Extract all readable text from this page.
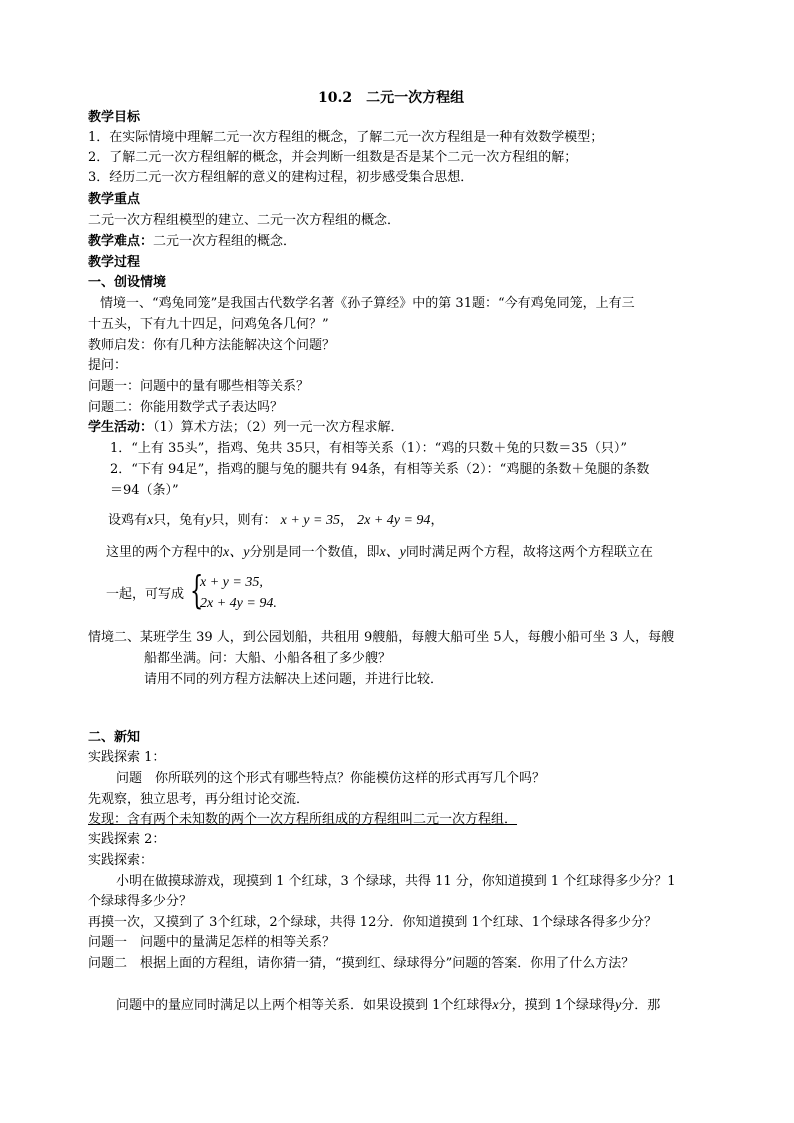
10.2　二元一次方程组
教学目标
1．在实际情境中理解二元一次方程组的概念，了解二元一次方程组是一种有效数学模型；
2．了解二元一次方程组解的概念，并会判断一组数是否是某个二元一次方程组的解；
3．经历二元一次方程组解的意义的建构过程，初步感受集合思想．
教学重点
二元一次方程组模型的建立、二元一次方程组的概念．
教学难点：二元一次方程组的概念．
教学过程
一、创设情境
情境一、“鸡兔同笼”是我国古代数学名著《孙子算经》中的第 31题：“今有鸡兔同笼，上有三
十五头，下有九十四足，问鸡兔各几何？”
教师启发：你有几种方法能解决这个问题？
提问：
问题一：问题中的量有哪些相等关系？
问题二：你能用数学式子表达吗？
学生活动：（1）算术方法；（2）列一元一次方程求解．
1．“上有 35头”，指鸡、兔共 35只，有相等关系（1）：“鸡的只数＋兔的只数＝35（只）”
2．“下有 94足”，指鸡的腿与兔的腿共有 94条，有相等关系（2）：“鸡腿的条数＋兔腿的条数
＝94（条）”
设鸡有x只，兔有y只，则有： x + y = 35， 2x + 4y = 94，
这里的两个方程中的x、y分别是同一个数值，即x、y同时满足两个方程，故将这两个方程联立在
一起，可写成 {
x + y = 35,
2x + 4y = 94.
情境二、某班学生 39 人，到公园划船，共租用 9艘船，每艘大船可坐 5人，每艘小船可坐 3 人，每艘
船都坐满。问：大船、小船各租了多少艘？
请用不同的列方程方法解决上述问题，并进行比较．
二、新知
实践探索 1：
问题　你所联列的这个形式有哪些特点？你能模仿这样的形式再写几个吗？
先观察，独立思考，再分组讨论交流．
发现：含有两个未知数的两个一次方程所组成的方程组叫二元一次方程组．
实践探索 2：
实践探索：
小明在做摸球游戏，现摸到 1 个红球，3 个绿球，共得 11 分，你知道摸到 1 个红球得多少分？1
个绿球得多少分？
再摸一次，又摸到了 3个红球，2个绿球，共得 12分．你知道摸到 1个红球、1个绿球各得多少分？
问题一　问题中的量满足怎样的相等关系？
问题二　根据上面的方程组，请你猜一猜，“摸到红、绿球得分”问题的答案．你用了什么方法？
问题中的量应同时满足以上两个相等关系．如果设摸到 1个红球得x分，摸到 1个绿球得y分．那
